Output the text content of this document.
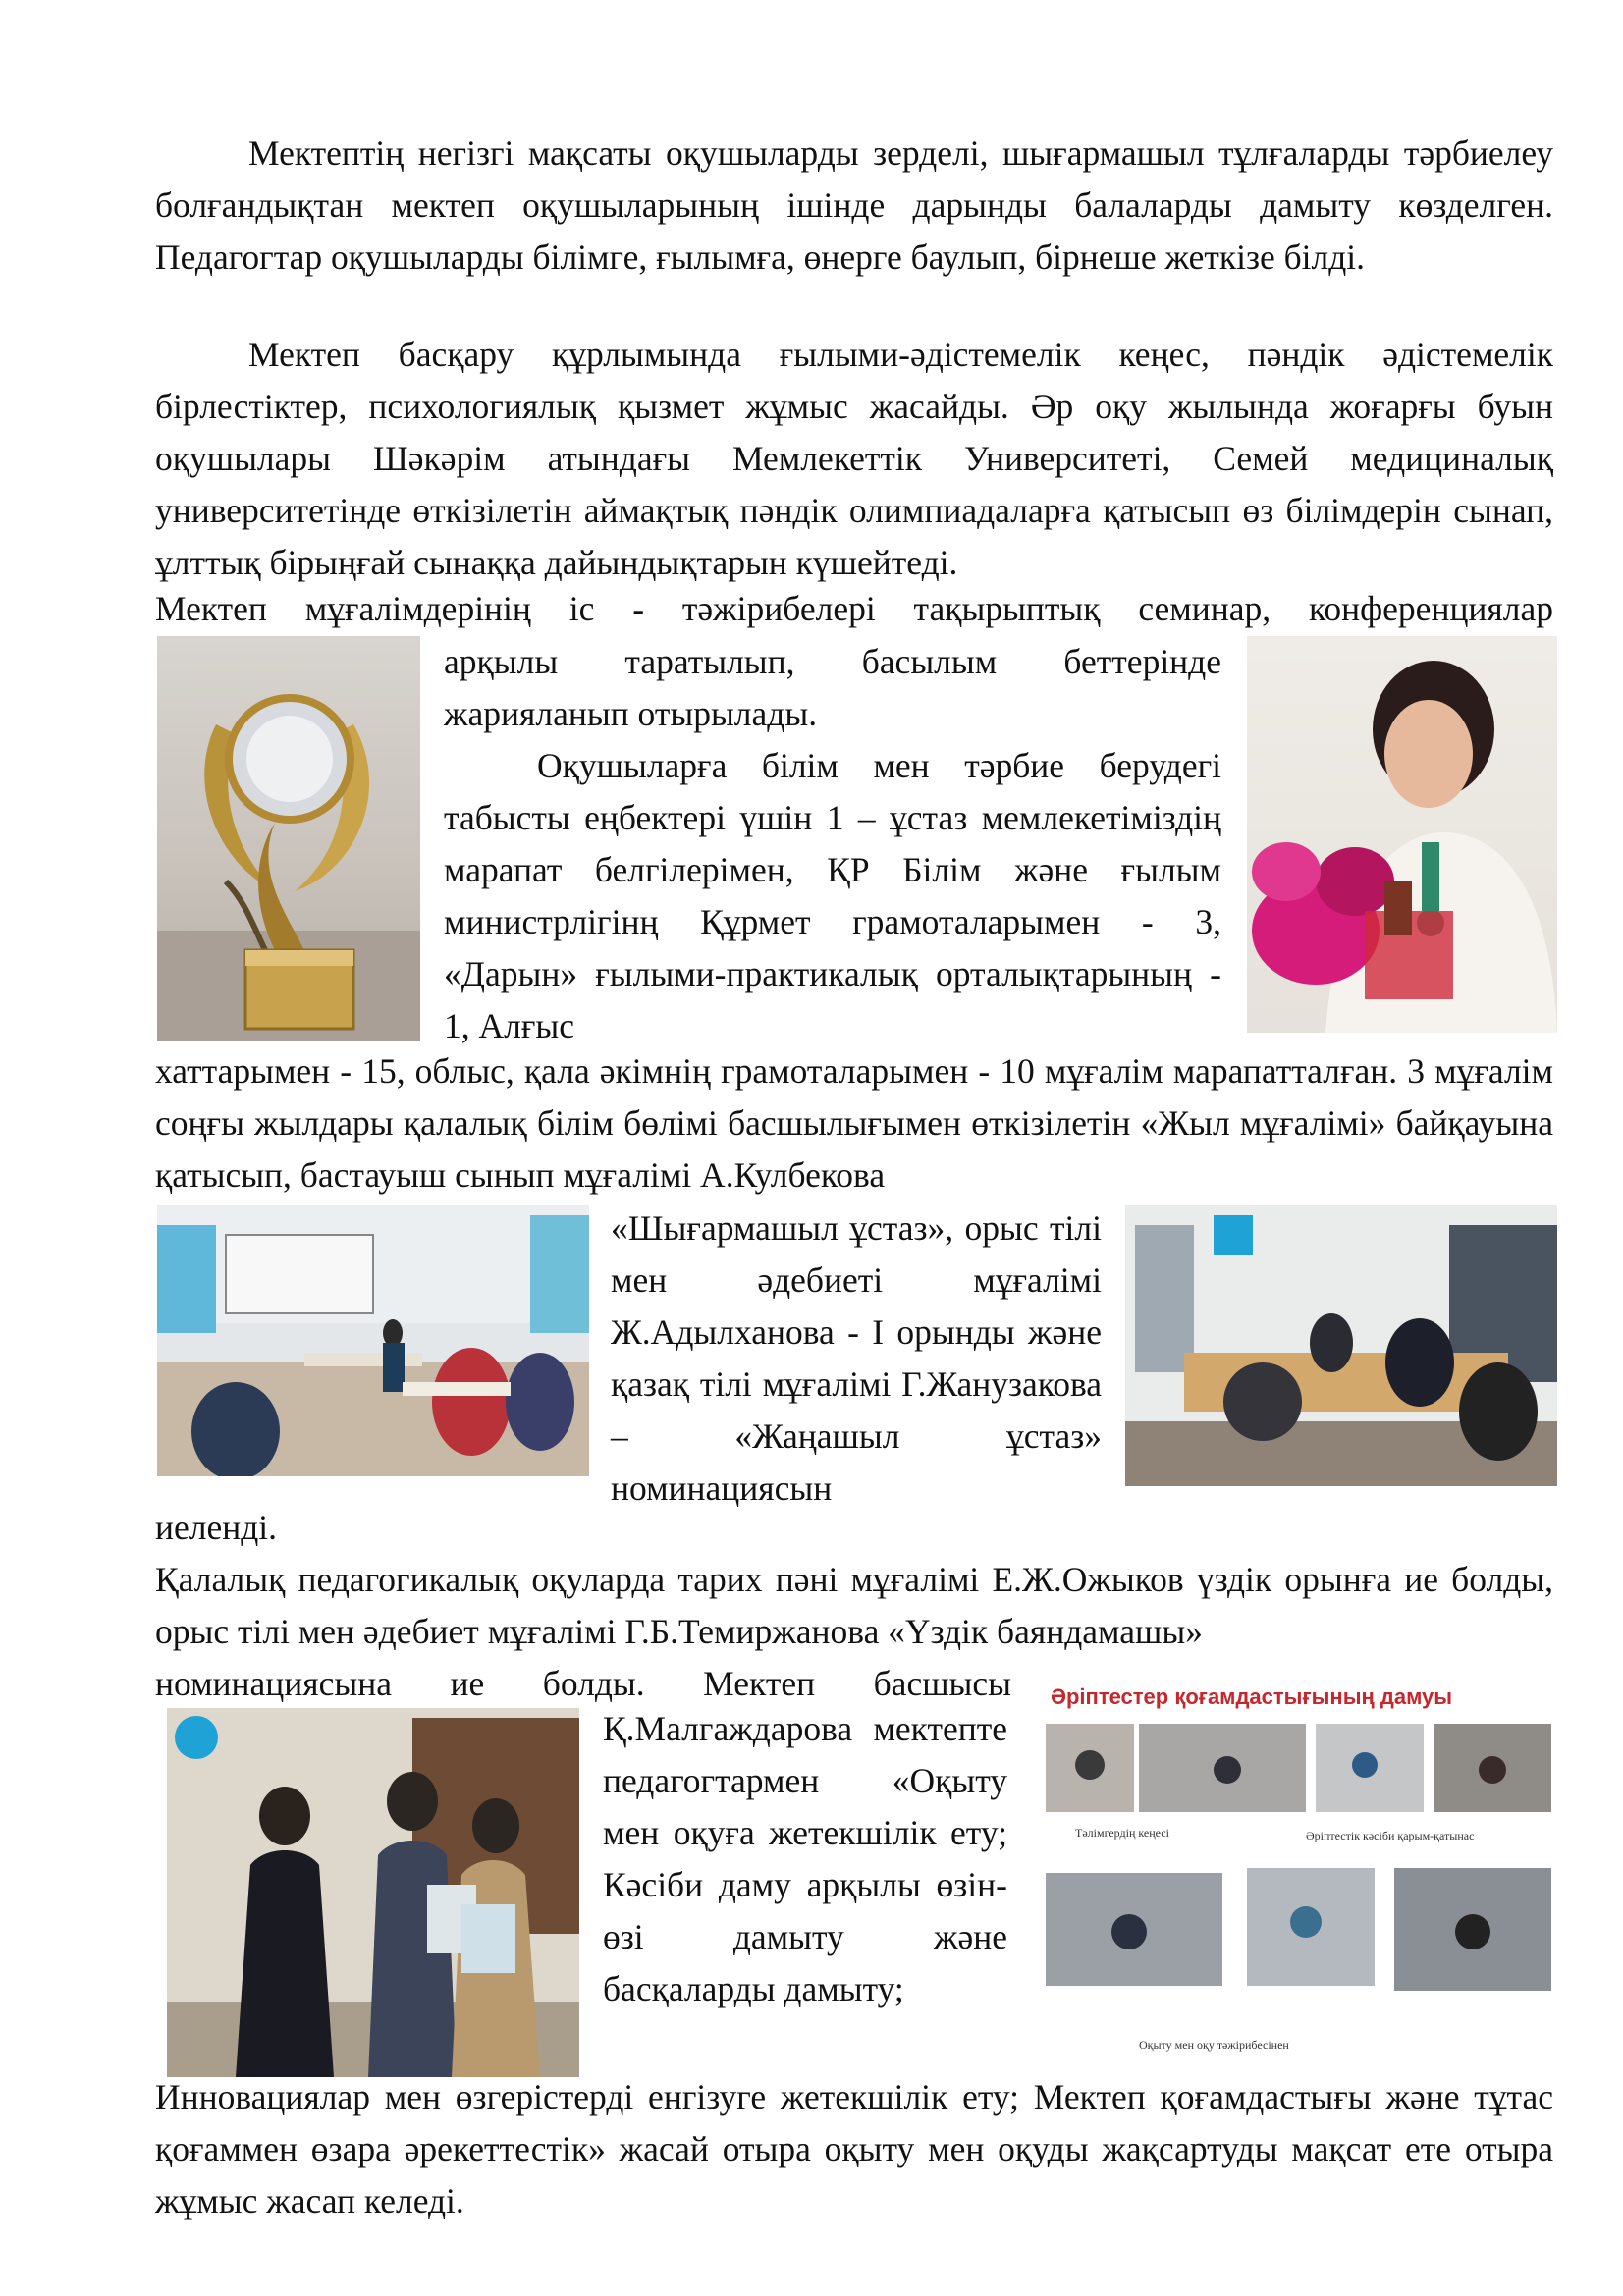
Мектептің негізгі мақсаты оқушыларды зерделі, шығармашыл тұлғаларды тәрбиелеу болғандықтан мектеп оқушыларының ішінде дарынды балаларды дамыту көзделген. Педагогтар оқушыларды білімге, ғылымға, өнерге баулып, бірнеше жеткізе білді.

Мектеп басқару құрлымында ғылыми-әдістемелік кеңес, пәндік әдістемелік бірлестіктер, психологиялық қызмет жұмыс жасайды. Әр оқу жылында жоғарғы буын оқушылары Шәкәрім атындағы Мемлекеттік Университеті, Семей медициналық университетінде өткізілетін аймақтық пәндік олимпиадаларға қатысып өз білімдерін сынап, ұлттық бірыңғай сынаққа дайындықтарын күшейтеді.

Мектеп мұғалімдерінің іс - тәжірибелері тақырыптық семинар, конференциялар

арқылы таратылып, басылым беттерінде жарияланып отырылады.

Оқушыларға білім мен тәрбие берудегі табысты еңбектері үшін 1 – ұстаз мемлекетіміздің марапат белгілерімен, ҚР Білім және ғылым министрлігінң Құрмет грамоталарымен - 3, «Дарын» ғылыми-практикалық орталықтарының - 1, Алғыс

хаттарымен - 15, облыс, қала әкімнің грамоталарымен - 10 мұғалім марапатталған. 3 мұғалім соңғы жылдары қалалық білім бөлімі басшылығымен өткізілетін «Жыл мұғалімі» байқауына қатысып, бастауыш сынып мұғалімі А.Кулбекова

«Шығармашыл ұстаз», орыс тілі мен әдебиеті мұғалімі Ж.Адылханова - І орынды және қазақ тілі мұғалімі Г.Жанузакова – «Жаңашыл ұстаз» номинациясын

иеленді.

Қалалық педагогикалық оқуларда тарих пәні мұғалімі Е.Ж.Ожыков үздік орынға ие болды, орыс тілі мен әдебиет мұғалімі Г.Б.Темиржанова «Үздік баяндамашы»

номинациясына ие болды. Мектеп басшысы

Қ.Малгаждарова мектепте педагогтармен «Оқыту мен оқуға жетекшілік ету; Кәсіби даму арқылы өзін-өзі дамыту және басқаларды дамыту;

Әріптестер қоғамдастығының дамуы
Тәлімгердің кеңесі	Әріптестік кәсіби қарым-қатынас
Оқыту мен оқу тәжірибесінен

Инновациялар мен өзгерістерді енгізуге жетекшілік ету; Мектеп қоғамдастығы және тұтас қоғаммен өзара әрекеттестік» жасай отыра оқыту мен оқуды жақсартуды мақсат ете отыра жұмыс жасап келеді.
